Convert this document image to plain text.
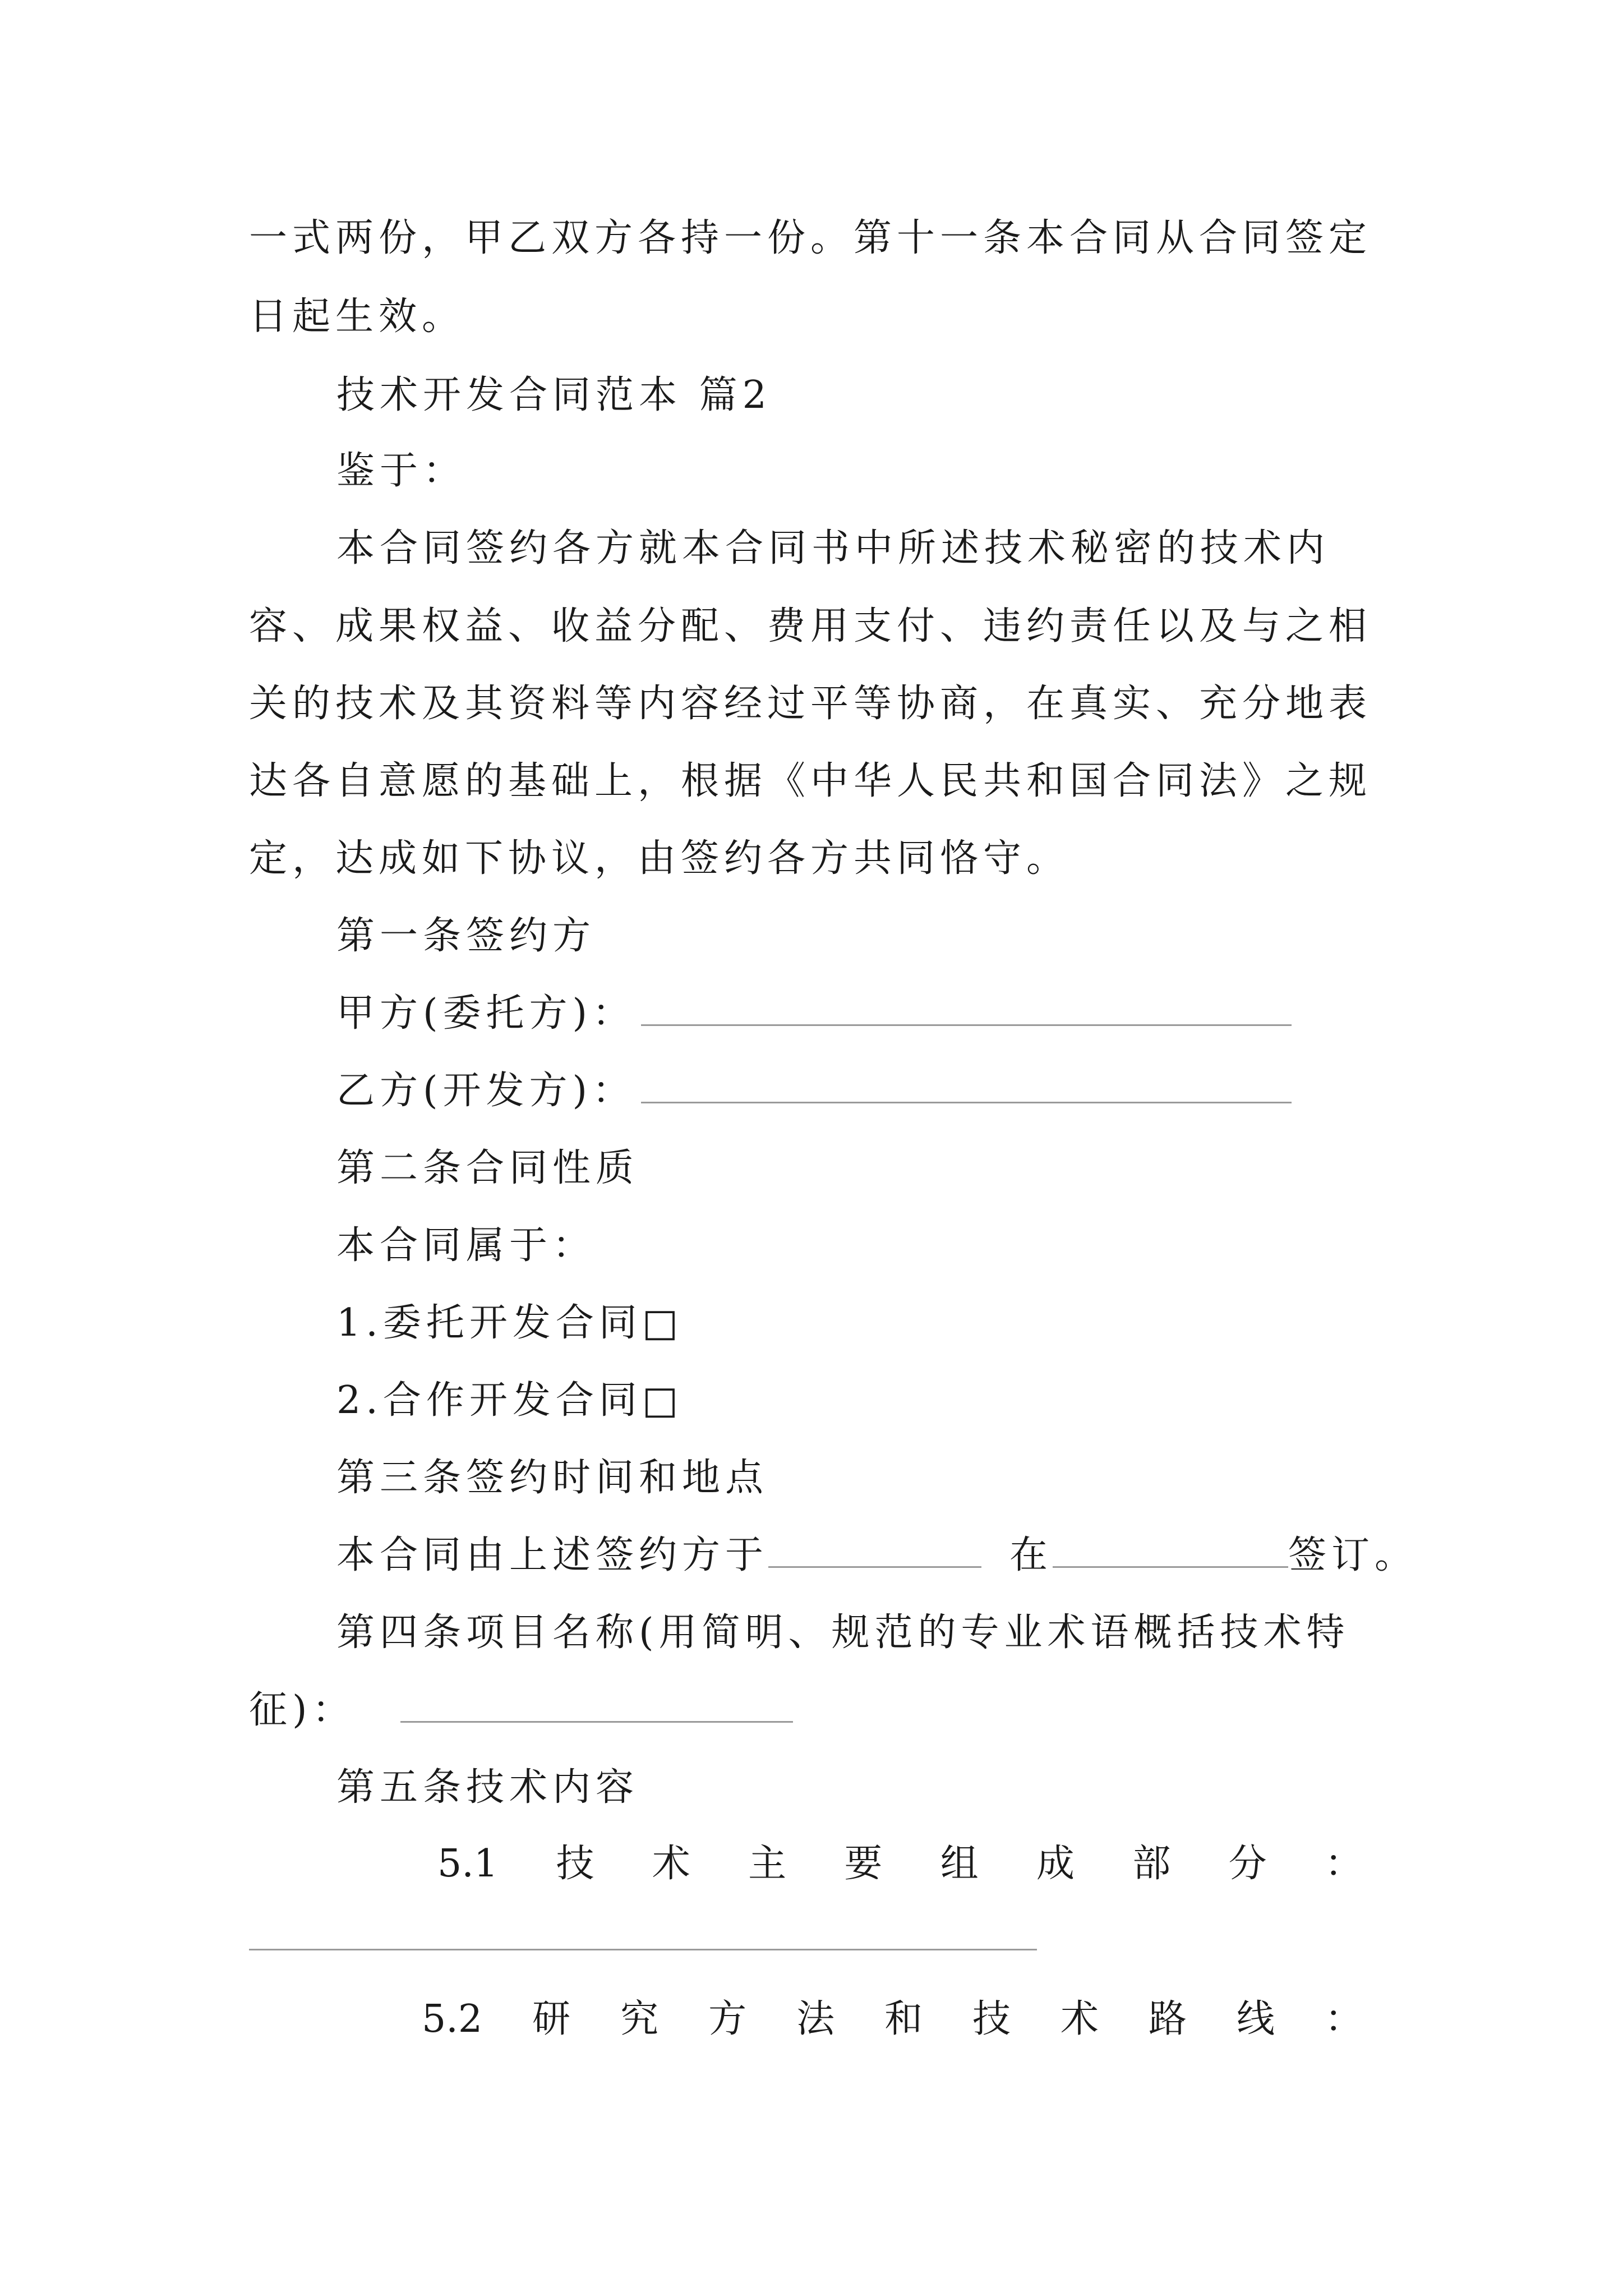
一式两份，甲乙双方各持一份。第十一条本合同从合同签定
日起生效。
技术开发合同范本 篇2
鉴于：
本合同签约各方就本合同书中所述技术秘密的技术内
容、成果权益、收益分配、费用支付、违约责任以及与之相
关的技术及其资料等内容经过平等协商，在真实、充分地表
达各自意愿的基础上，根据《中华人民共和国合同法》之规
定，达成如下协议，由签约各方共同恪守。
第一条签约方
甲方(委托方)：
乙方(开发方)：
第二条合同性质
本合同属于：
1.委托开发合同□
2.合作开发合同□
第三条签约时间和地点
本合同由上述签约方于	在	签订。
第四条项目名称(用简明、规范的专业术语概括技术特
征)：
第五条技术内容
5.1 技 术 主 要 组 成 部 分 ：
5.2 研 究 方 法 和 技 术 路 线 ：
